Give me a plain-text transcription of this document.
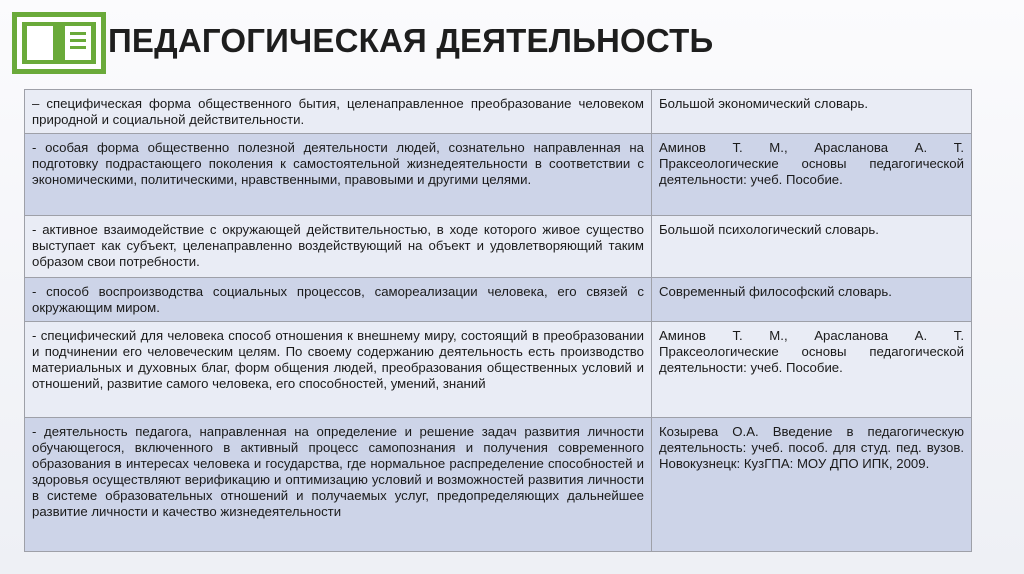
ПЕДАГОГИЧЕСКАЯ ДЕЯТЕЛЬНОСТЬ
– специфическая форма общественного бытия, целенаправленное преобразование человеком природной и социальной действительности.	Большой экономический словарь.
- особая форма общественно полезной деятельности людей, сознательно направленная на подготовку подрастающего поколения к самостоятельной жизнедеятельности в соответствии с экономическими, политическими, нравственными, правовыми и другими целями.	Аминов Т. М., Арасланова А. Т. Праксеологические основы педагогической деятельности: учеб. Пособие.
- активное взаимодействие с окружающей действительностью, в ходе которого живое существо выступает как субъект, целенаправленно воздействующий на объект и удовлетворяющий таким образом свои потребности.	Большой психологический словарь.
- способ воспроизводства социальных процессов, самореализации человека, его связей с окружающим миром.	Современный философский словарь.
- специфический для человека способ отношения к внешнему миру, состоящий в преобразовании и подчинении его человеческим целям. По своему содержанию деятельность есть производство материальных и духовных благ, форм общения людей, преобразования общественных условий и отношений, развитие самого человека, его способностей, умений, знаний	Аминов Т. М., Арасланова А. Т. Праксеологические основы педагогической деятельности: учеб. Пособие.
- деятельность педагога, направленная на определение и решение задач развития личности обучающегося, включенного в активный процесс самопознания и получения современного образования в интересах человека и государства, где нормальное распределение способностей и здоровья осуществляют верификацию и оптимизацию условий и возможностей развития личности в системе образовательных отношений и получаемых услуг, предопределяющих дальнейшее развитие личности и качество жизнедеятельности	Козырева О.А. Введение в педагогическую деятельность: учеб. пособ. для студ. пед. вузов. Новокузнецк: КузГПА: МОУ ДПО ИПК, 2009.
